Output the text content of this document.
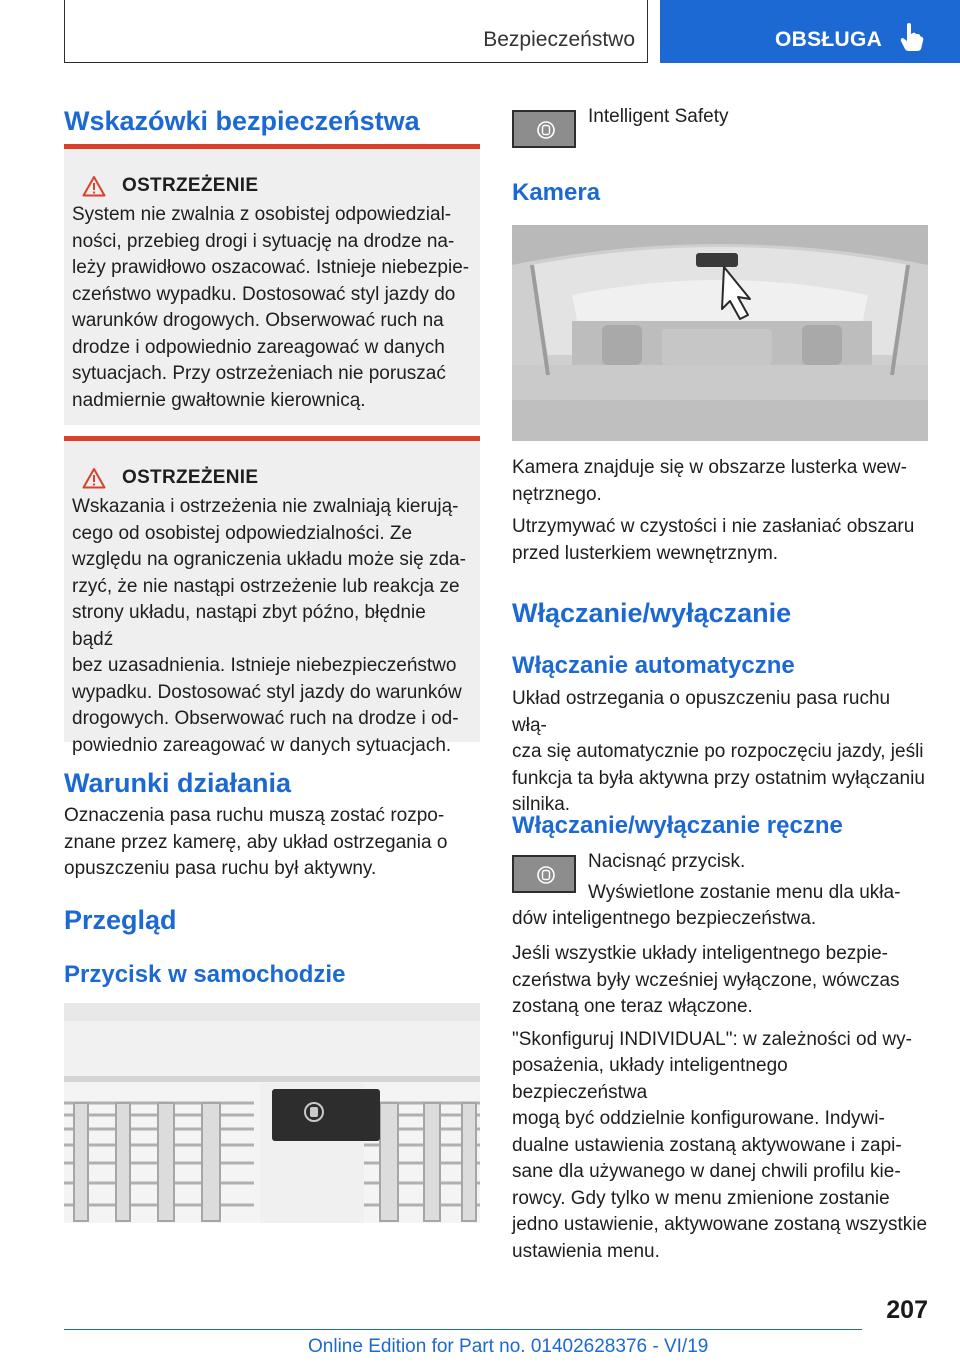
Bezpieczeństwo	OBSŁUGA
Wskazówki bezpieczeństwa
OSTRZEŻENIE

System nie zwalnia z osobistej odpowiedzial-

ności, przebieg drogi i sytuację na drodze na-

leży prawidłowo oszacować. Istnieje niebezpie-

czeństwo wypadku. Dostosować styl jazdy do

warunków drogowych. Obserwować ruch na

drodze i odpowiednio zareagować w danych

sytuacjach. Przy ostrzeżeniach nie poruszać

nadmiernie gwałtownie kierownicą.

OSTRZEŻENIE

Wskazania i ostrzeżenia nie zwalniają kierują-

cego od osobistej odpowiedzialności. Ze

względu na ograniczenia układu może się zda-

rzyć, że nie nastąpi ostrzeżenie lub reakcja ze

strony układu, nastąpi zbyt późno, błędnie bądź

bez uzasadnienia. Istnieje niebezpieczeństwo

wypadku. Dostosować styl jazdy do warunków

drogowych. Obserwować ruch na drodze i od-

powiednio zareagować w danych sytuacjach.

Warunki działania

Oznaczenia pasa ruchu muszą zostać rozpo-

znane przez kamerę, aby układ ostrzegania o

opuszczeniu pasa ruchu był aktywny.

Przegląd
Przycisk w samochodzie
Intelligent Safety
Kamera

Kamera znajduje się w obszarze lusterka wew-

nętrznego.

Utrzymywać w czystości i nie zasłaniać obszaru

przed lusterkiem wewnętrznym.

Włączanie/wyłączanie
Włączanie automatyczne

Układ ostrzegania o opuszczeniu pasa ruchu włą-

cza się automatycznie po rozpoczęciu jazdy, jeśli

funkcja ta była aktywna przy ostatnim wyłączaniu

silnika.

Włączanie/wyłączanie ręczne
Nacisnąć przycisk.
Wyświetlone zostanie menu dla ukła-
dów inteligentnego bezpieczeństwa.

Jeśli wszystkie układy inteligentnego bezpie-

czeństwa były wcześniej wyłączone, wówczas

zostaną one teraz włączone.

"Skonfiguruj INDIVIDUAL": w zależności od wy-

posażenia, układy inteligentnego bezpieczeństwa

mogą być oddzielnie konfigurowane. Indywi-

dualne ustawienia zostaną aktywowane i zapi-

sane dla używanego w danej chwili profilu kie-

rowcy. Gdy tylko w menu zmienione zostanie

jedno ustawienie, aktywowane zostaną wszystkie

ustawienia menu.

207
Online Edition for Part no. 01402628376 - VI/19
